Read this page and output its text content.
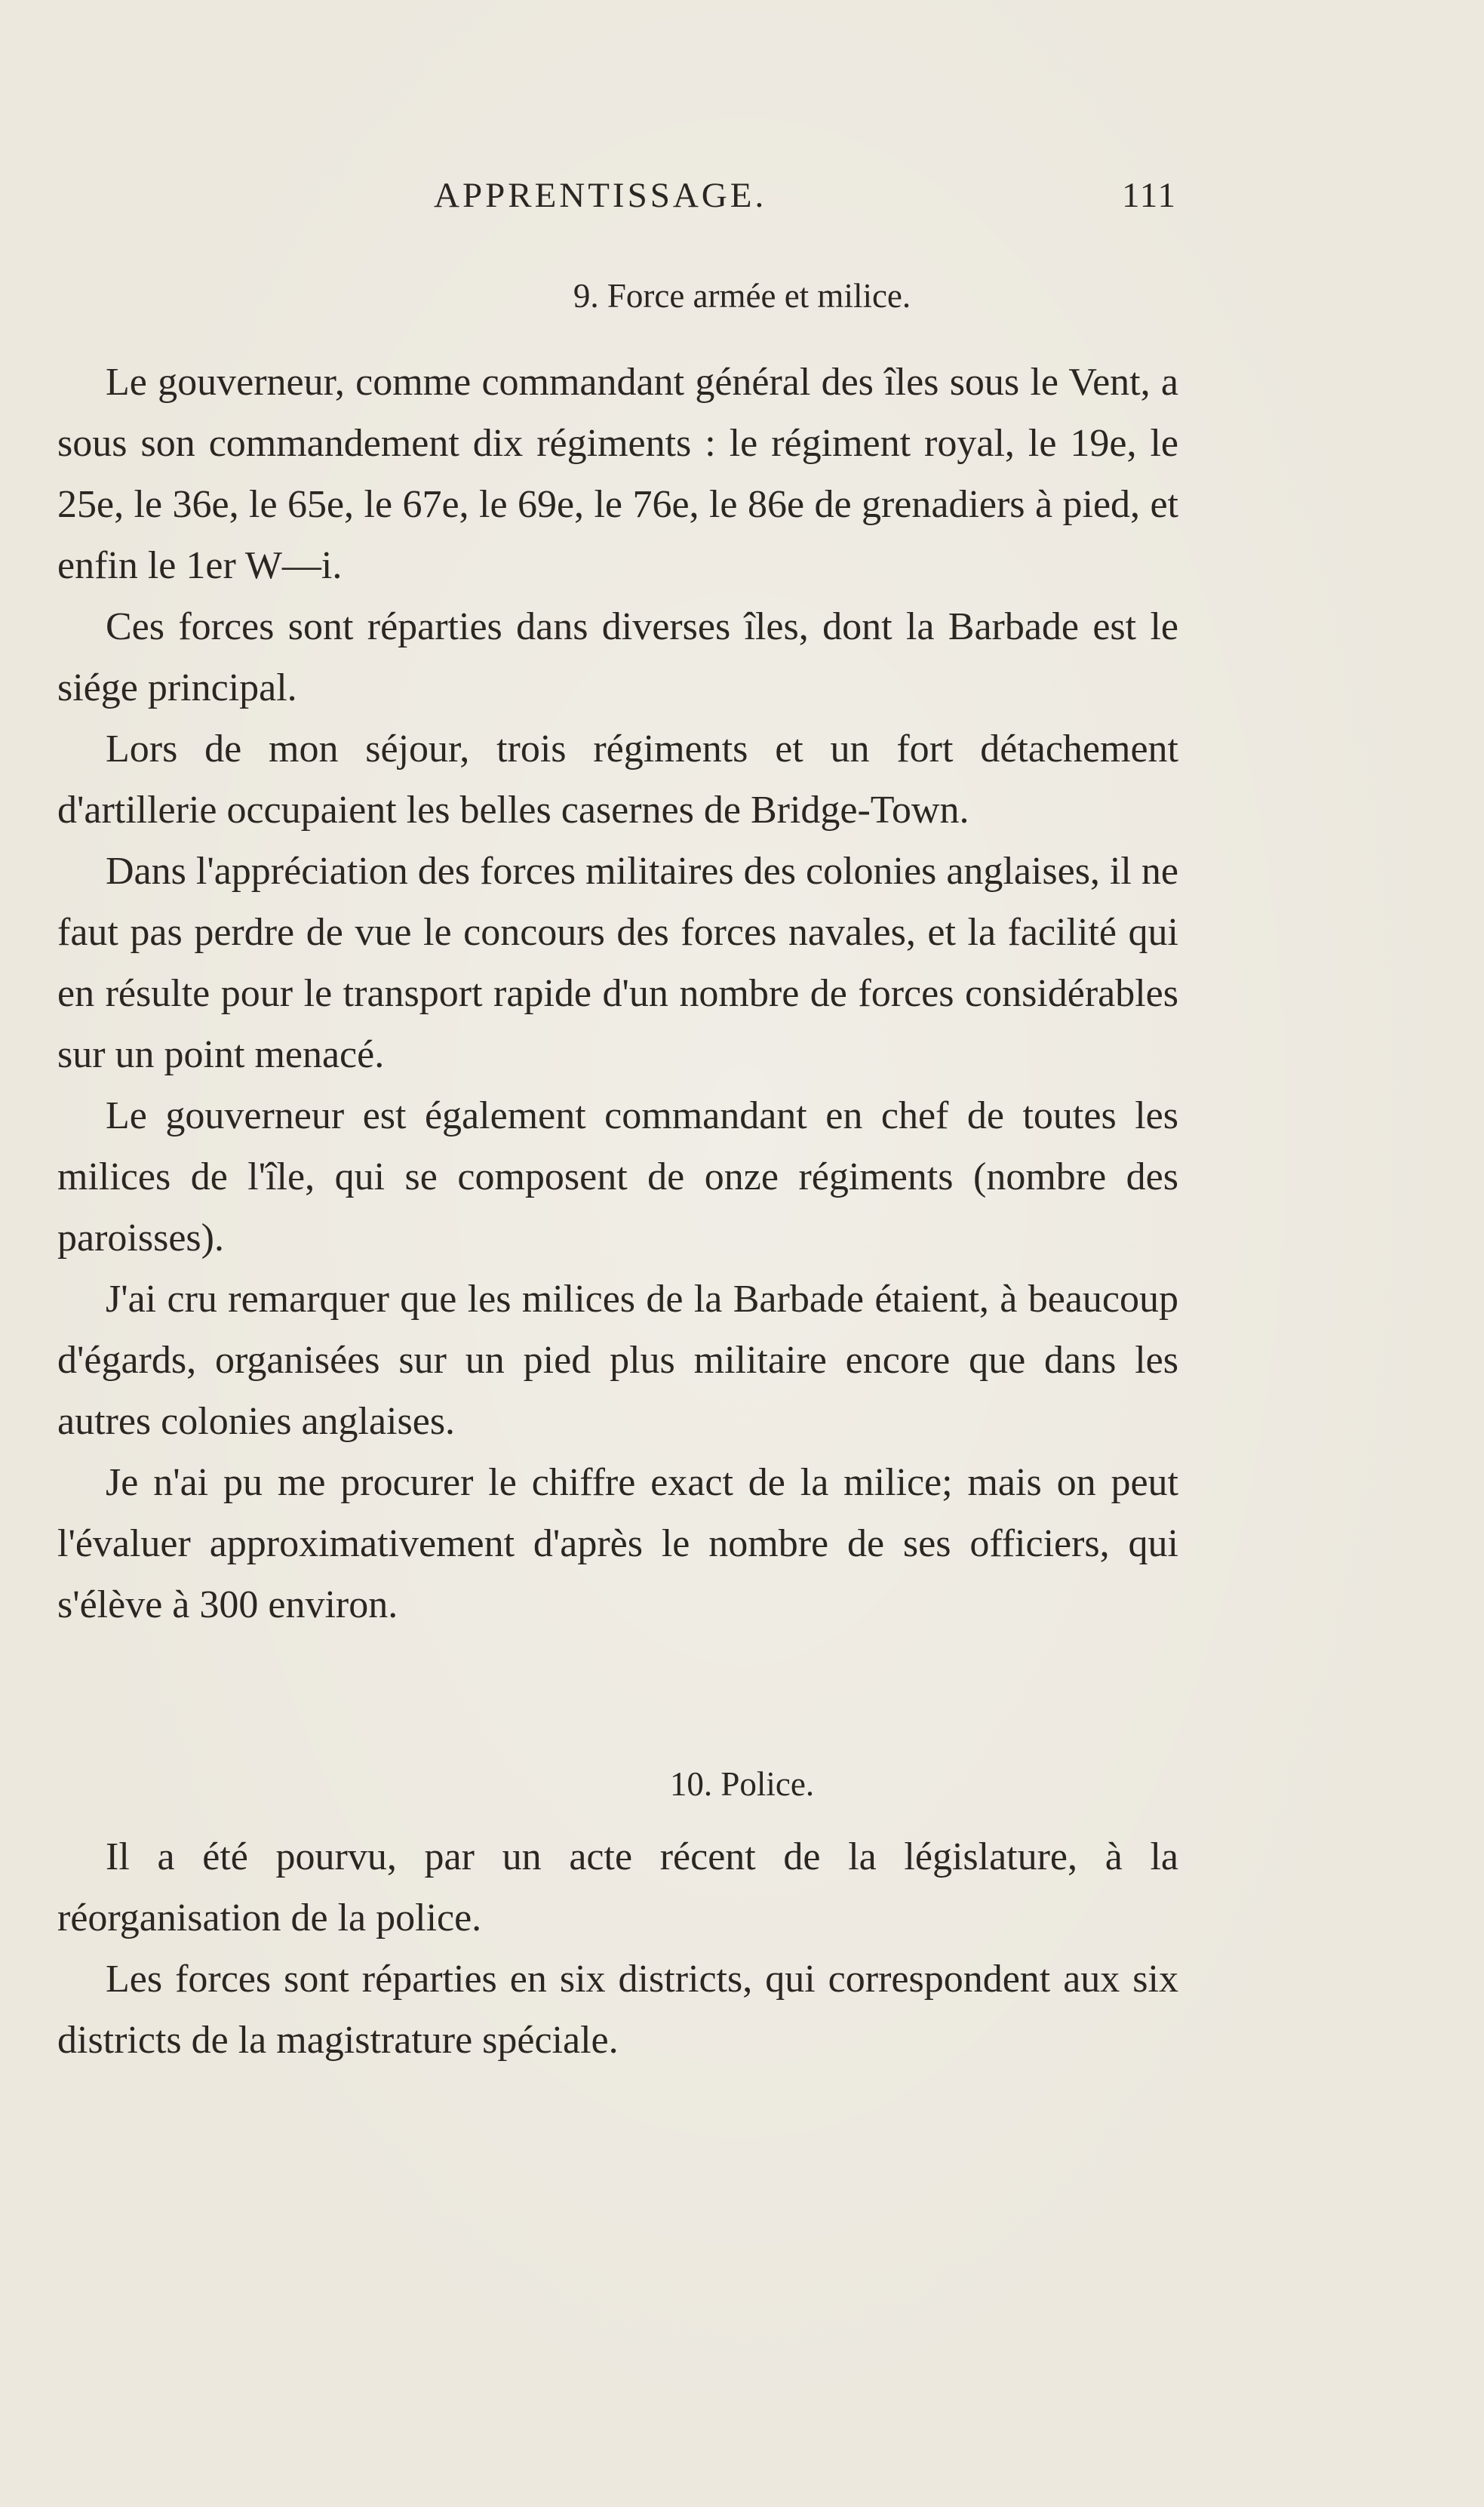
APPRENTISSAGE.	111
9. Force armée et milice.

Le gouverneur, comme commandant général des îles sous le Vent, a sous son commandement dix régiments : le régiment royal, le 19e, le 25e, le 36e, le 65e, le 67e, le 69e, le 76e, le 86e de grenadiers à pied, et enfin le 1er W—i.

Ces forces sont réparties dans diverses îles, dont la Barbade est le siége principal.

Lors de mon séjour, trois régiments et un fort détachement d'artillerie occupaient les belles casernes de Bridge-Town.

Dans l'appréciation des forces militaires des colonies anglaises, il ne faut pas perdre de vue le concours des forces navales, et la facilité qui en résulte pour le transport rapide d'un nombre de forces considérables sur un point menacé.

Le gouverneur est également commandant en chef de toutes les milices de l'île, qui se composent de onze régiments (nombre des paroisses).

J'ai cru remarquer que les milices de la Barbade étaient, à beaucoup d'égards, organisées sur un pied plus militaire encore que dans les autres colonies anglaises.

Je n'ai pu me procurer le chiffre exact de la milice; mais on peut l'évaluer approximativement d'après le nombre de ses officiers, qui s'élève à 300 environ.

10. Police.

Il a été pourvu, par un acte récent de la législature, à la réorganisation de la police.

Les forces sont réparties en six districts, qui correspondent aux six districts de la magistrature spéciale.
